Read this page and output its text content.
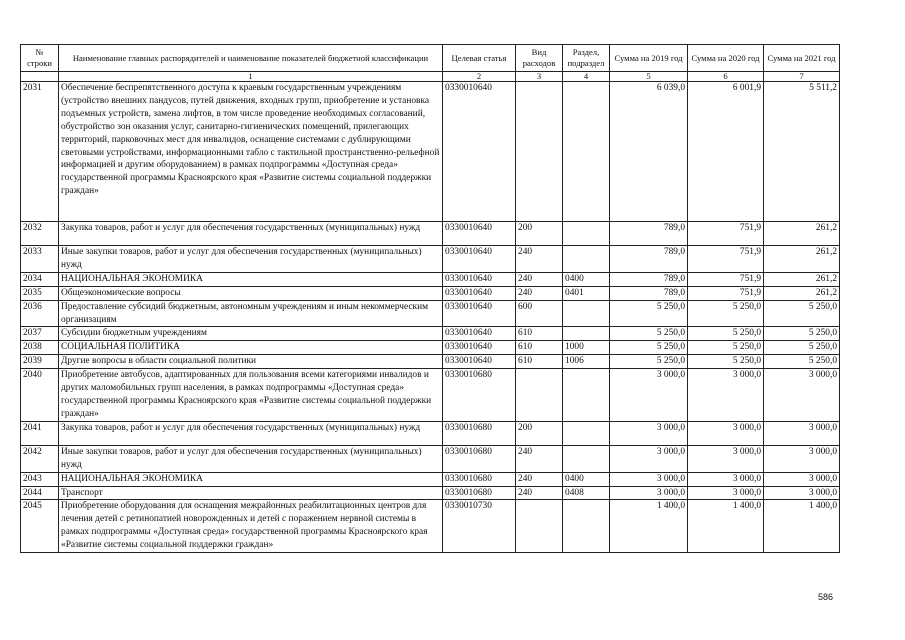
№ строки	Наименование главных распорядителей и наименование показателей бюджетной классификации	Целевая статья	Вид расходов	Раздел, подраздел	Сумма на 2019 год	Сумма на 2020 год	Сумма на 2021 год
	1	2	3	4	5	6	7
2031	Обеспечение беспрепятственного доступа к краевым государственным учреждениям (устройство внешних пандусов, путей движения, входных групп, приобретение и установка подъемных устройств, замена лифтов, в том числе проведение необходимых согласований, обустройство зон оказания услуг, санитарно-гигиенических помещений, прилегающих территорий, парковочных мест для инвалидов, оснащение системами с дублирующими световыми устройствами, информационными табло с тактильной пространственно-рельефной информацией и другим оборудованием) в рамках подпрограммы «Доступная среда» государственной программы Красноярского края «Развитие системы социальной поддержки граждан»	0330010640			6 039,0	6 001,9	5 511,2
2032	Закупка товаров, работ и услуг для обеспечения государственных (муниципальных) нужд	0330010640	200		789,0	751,9	261,2
2033	Иные закупки товаров, работ и услуг для обеспечения государственных (муниципальных) нужд	0330010640	240		789,0	751,9	261,2
2034	НАЦИОНАЛЬНАЯ ЭКОНОМИКА	0330010640	240	0400	789,0	751,9	261,2
2035	Общеэкономические вопросы	0330010640	240	0401	789,0	751,9	261,2
2036	Предоставление субсидий бюджетным, автономным учреждениям и иным некоммерческим организациям	0330010640	600		5 250,0	5 250,0	5 250,0
2037	Субсидии бюджетным учреждениям	0330010640	610		5 250,0	5 250,0	5 250,0
2038	СОЦИАЛЬНАЯ ПОЛИТИКА	0330010640	610	1000	5 250,0	5 250,0	5 250,0
2039	Другие вопросы в области социальной политики	0330010640	610	1006	5 250,0	5 250,0	5 250,0
2040	Приобретение автобусов, адаптированных для пользования всеми категориями инвалидов и других маломобильных групп населения, в рамках подпрограммы «Доступная среда» государственной программы Красноярского края «Развитие системы социальной поддержки граждан»	0330010680			3 000,0	3 000,0	3 000,0
2041	Закупка товаров, работ и услуг для обеспечения государственных (муниципальных) нужд	0330010680	200		3 000,0	3 000,0	3 000,0
2042	Иные закупки товаров, работ и услуг для обеспечения государственных (муниципальных) нужд	0330010680	240		3 000,0	3 000,0	3 000,0
2043	НАЦИОНАЛЬНАЯ ЭКОНОМИКА	0330010680	240	0400	3 000,0	3 000,0	3 000,0
2044	Транспорт	0330010680	240	0408	3 000,0	3 000,0	3 000,0
2045	Приобретение оборудования для оснащения межрайонных реабилитационных центров для лечения детей с ретинопатией новорожденных и детей с поражением нервной системы в рамках подпрограммы «Доступная среда» государственной программы Красноярского края «Развитие системы социальной поддержки граждан»	0330010730			1 400,0	1 400,0	1 400,0
586
